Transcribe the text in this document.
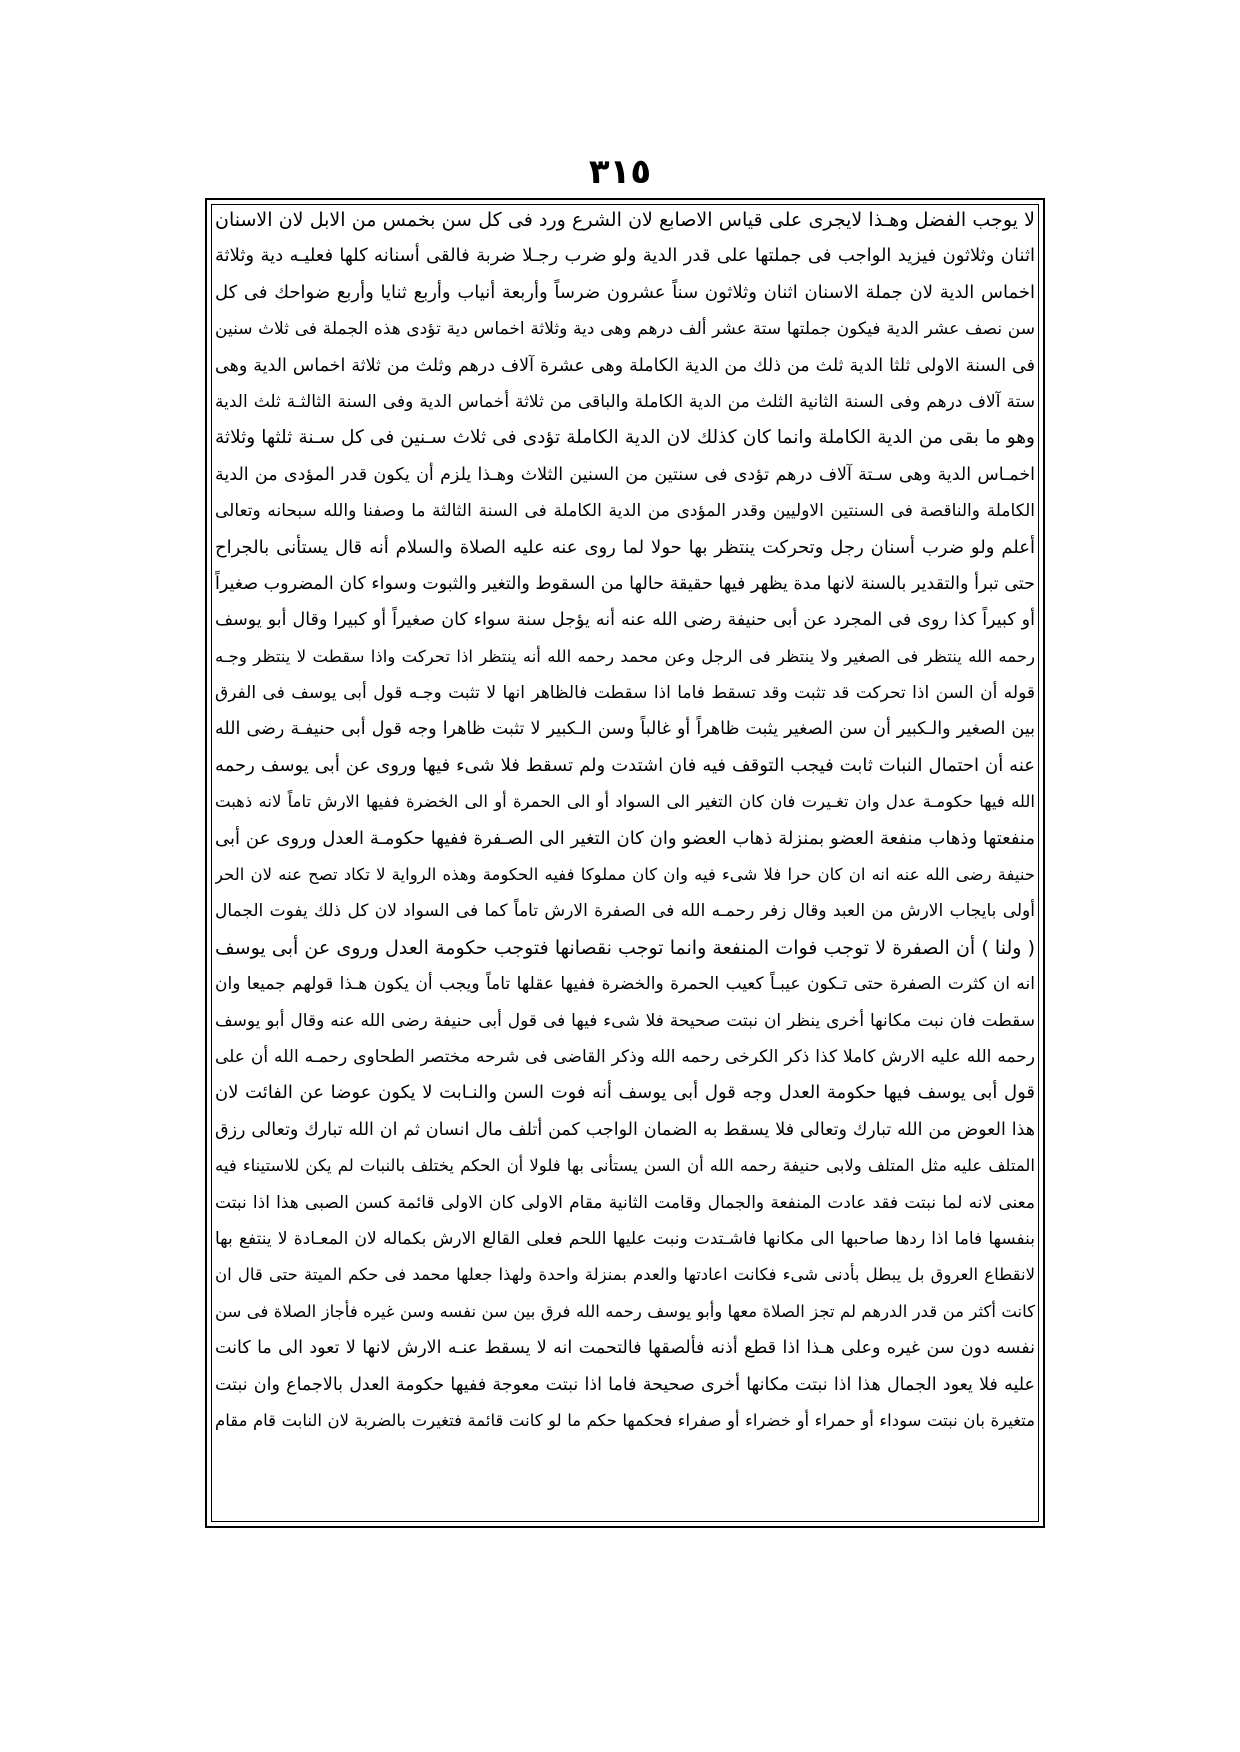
٣١٥
لا یوجب الفضل وهـذا لایجری علی قیاس الاصابع لان الشرع ورد فی کل سن بخمس من الابل لان الاسنان
اثنان وثلاثون فیزید الواجب فی جملتها علی قدر الدیة ولو ضرب رجـلا ضربة فالقی أسنانه کلها فعلیـه دیة وثلاثة
اخماس الدیة لان جملة الاسنان اثنان وثلاثون سناً عشرون ضرساً وأربعة أنیاب وأربع ثنایا وأربع ضواحك فی کل
سن نصف عشر الدیة فیکون جملتها ستة عشر ألف درهم وهی دیة وثلاثة اخماس دیة تؤدی هذه الجملة فی ثلاث سنین
فی السنة الاولی ثلثا الدیة ثلث من ذلك من الدیة الکاملة وهی عشرة آلاف درهم وثلث من ثلاثة اخماس الدیة وهی
ستة آلاف درهم وفی السنة الثانیة الثلث من الدیة الکاملة والباقی من ثلاثة أخماس الدیة وفی السنة الثالثـة ثلث الدیة
وهو ما بقی من الدیة الکاملة وانما کان کذلك لان الدیة الکاملة تؤدی فی ثلاث سـنین فی کل سـنة ثلثها وثلاثة
اخمـاس الدیة وهی سـتة آلاف درهم تؤدی فی سنتین من السنین الثلاث وهـذا یلزم أن یکون قدر المؤدی من الدیة
الکاملة والناقصة فی السنتین الاولیین وقدر المؤدی من الدیة الکاملة فی السنة الثالثة ما وصفنا والله سبحانه وتعالی
أعلم ولو ضرب أسنان رجل وتحرکت ینتظر بها حولا لما روی عنه علیه الصلاة والسلام أنه قال یستأنی بالجراح
حتی تبرأ والتقدیر بالسنة لانها مدة یظهر فیها حقیقة حالها من السقوط والتغیر والثبوت وسواء کان المضروب صغیراً
أو کبیراً کذا روی فی المجرد عن أبی حنیفة رضی الله عنه أنه یؤجل سنة سواء کان صغیراً أو کبیرا وقال أبو یوسف
رحمه الله ینتظر فی الصغیر ولا ینتظر فی الرجل وعن محمد رحمه الله أنه ینتظر اذا تحرکت واذا سقطت لا ینتظر وجـه
قوله أن السن اذا تحرکت قد تثبت وقد تسقط فاما اذا سقطت فالظاهر انها لا تثبت وجـه قول أبی یوسف فی الفرق
بین الصغیر والـکبیر أن سن الصغیر یثبت ظاهراً أو غالباً وسن الـکبیر لا تثبت ظاهرا وجه قول أبی حنیفـة رضی الله
عنه أن احتمال النبات ثابت فیجب التوقف فیه فان اشتدت ولم تسقط فلا شیء فیها وروی عن أبی یوسف رحمه
الله فیها حکومـة عدل وان تغـیرت فان کان التغیر الی السواد أو الی الحمرة أو الی الخضرة ففیها الارش تاماً لانه ذهبت
منفعتها وذهاب منفعة العضو بمنزلة ذهاب العضو وان کان التغیر الی الصـفرة ففیها حکومـة العدل وروی عن أبی
حنیفة رضی الله عنه انه ان کان حرا فلا شیء فیه وان کان مملوکا ففیه الحکومة وهذه الروایة لا تکاد تصح عنه لان الحر
أولی بایجاب الارش من العبد وقال زفر رحمـه الله فی الصفرة الارش تاماً کما فی السواد لان کل ذلك یفوت الجمال
( ولنا ) أن الصفرة لا توجب فوات المنفعة وانما توجب نقصانها فتوجب حکومة العدل وروی عن أبی یوسف
انه ان کثرت الصفرة حتی تـکون عیبـاً کعیب الحمرة والخضرة ففیها عقلها تاماً ویجب أن یکون هـذا قولهم جمیعا وان
سقطت فان نبت مکانها أخری ینظر ان نبتت صحیحة فلا شیء فیها فی قول أبی حنیفة رضی الله عنه وقال أبو یوسف
رحمه الله علیه الارش کاملا کذا ذکر الکرخی رحمه الله وذکر القاضی فی شرحه مختصر الطحاوی رحمـه الله أن علی
قول أبی یوسف فیها حکومة العدل وجه قول أبی یوسف أنه فوت السن والنـابت لا یکون عوضا عن الفائت لان
هذا العوض من الله تبارك وتعالی فلا یسقط به الضمان الواجب کمن أتلف مال انسان ثم ان الله تبارك وتعالی رزق
المتلف علیه مثل المتلف ولابی حنیفة رحمه الله أن السن یستأنی بها فلولا أن الحکم یختلف بالنبات لم یکن للاستیناء فیه
معنی لانه لما نبتت فقد عادت المنفعة والجمال وقامت الثانیة مقام الاولی کان الاولی قائمة کسن الصبی هذا اذا نبتت
بنفسها فاما اذا ردها صاحبها الی مکانها فاشـتدت ونبت علیها اللحم فعلی القالع الارش بکماله لان المعـادة لا ینتفع بها
لانقطاع العروق بل یبطل بأدنی شیء فکانت اعادتها والعدم بمنزلة واحدة ولهذا جعلها محمد فی حکم المیتة حتی قال ان
کانت أکثر من قدر الدرهم لم تجز الصلاة معها وأبو یوسف رحمه الله فرق بین سن نفسه وسن غیره فأجاز الصلاة فی سن
نفسه دون سن غیره وعلی هـذا اذا قطع أذنه فألصقها فالتحمت انه لا یسقط عنـه الارش لانها لا تعود الی ما کانت
علیه فلا یعود الجمال هذا اذا نبتت مکانها أخری صحیحة فاما اذا نبتت معوجة ففیها حکومة العدل بالاجماع وان نبتت
متغیرة بان نبتت سوداء أو حمراء أو خضراء أو صفراء فحکمها حکم ما لو کانت قائمة فتغیرت بالضربة لان النابت قام مقام
